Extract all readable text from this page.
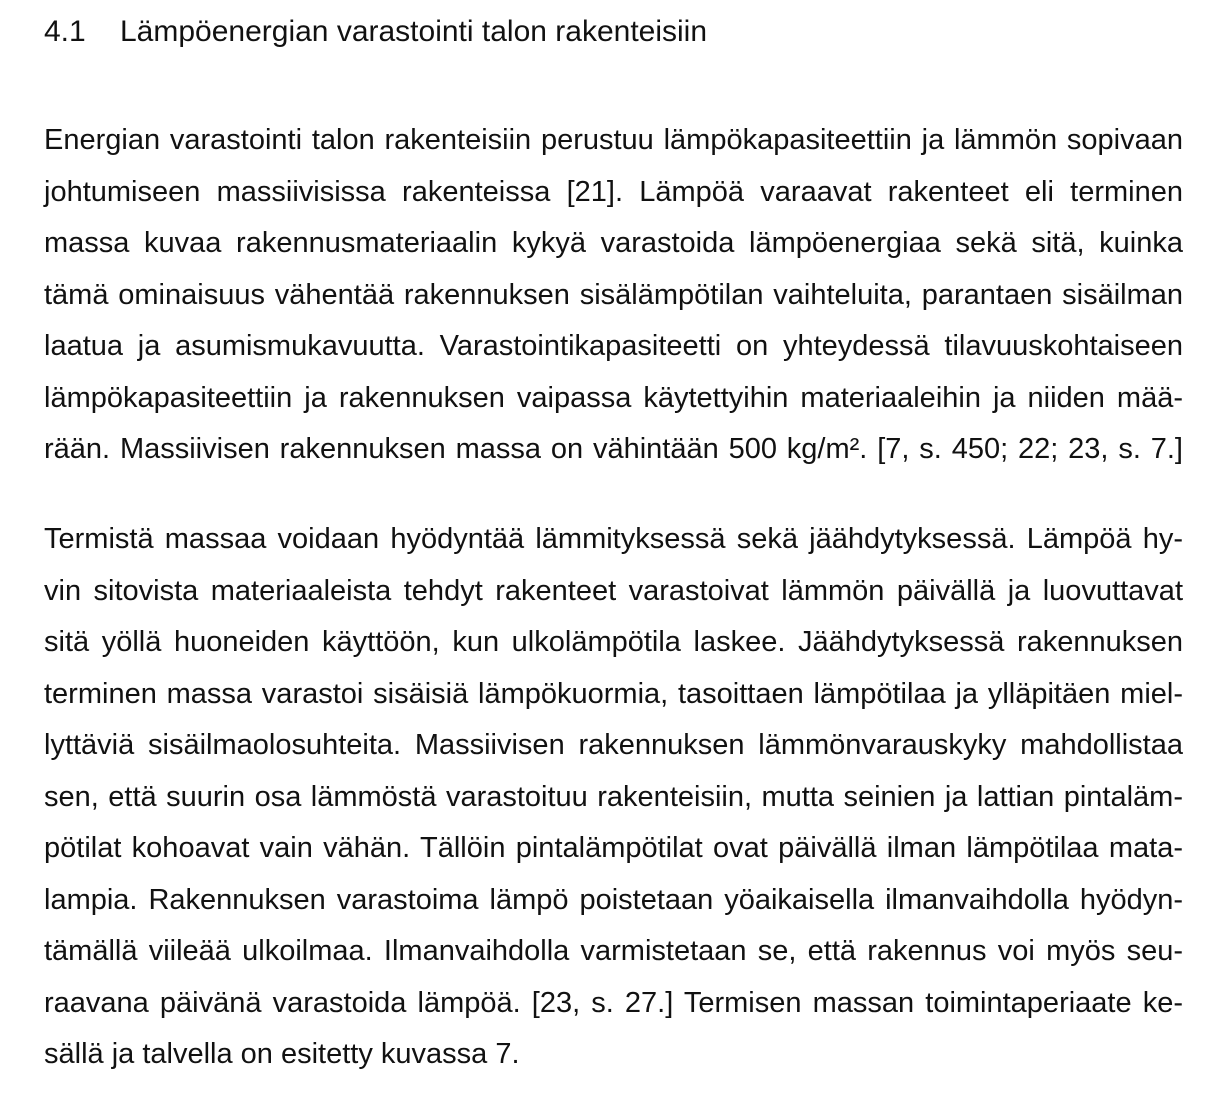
4.1 Lämpöenergian varastointi talon rakenteisiin
Energian varastointi talon rakenteisiin perustuu lämpökapasiteettiin ja lämmön sopivaan
johtumiseen massiivisissa rakenteissa [21]. Lämpöä varaavat rakenteet eli terminen
massa kuvaa rakennusmateriaalin kykyä varastoida lämpöenergiaa sekä sitä, kuinka
tämä ominaisuus vähentää rakennuksen sisälämpötilan vaihteluita, parantaen sisäilman
laatua ja asumismukavuutta. Varastointikapasiteetti on yhteydessä tilavuuskohtaiseen
lämpökapasiteettiin ja rakennuksen vaipassa käytettyihin materiaaleihin ja niiden mää-
rään. Massiivisen rakennuksen massa on vähintään 500 kg/m². [7, s. 450; 22; 23, s. 7.]
Termistä massaa voidaan hyödyntää lämmityksessä sekä jäähdytyksessä. Lämpöä hy-
vin sitovista materiaaleista tehdyt rakenteet varastoivat lämmön päivällä ja luovuttavat
sitä yöllä huoneiden käyttöön, kun ulkolämpötila laskee. Jäähdytyksessä rakennuksen
terminen massa varastoi sisäisiä lämpökuormia, tasoittaen lämpötilaa ja ylläpitäen miel-
lyttäviä sisäilmaolosuhteita. Massiivisen rakennuksen lämmönvarauskyky mahdollistaa
sen, että suurin osa lämmöstä varastoituu rakenteisiin, mutta seinien ja lattian pintaläm-
pötilat kohoavat vain vähän. Tällöin pintalämpötilat ovat päivällä ilman lämpötilaa mata-
lampia. Rakennuksen varastoima lämpö poistetaan yöaikaisella ilmanvaihdolla hyödyn-
tämällä viileää ulkoilmaa. Ilmanvaihdolla varmistetaan se, että rakennus voi myös seu-
raavana päivänä varastoida lämpöä. [23, s. 27.] Termisen massan toimintaperiaate ke-
sällä ja talvella on esitetty kuvassa 7.
